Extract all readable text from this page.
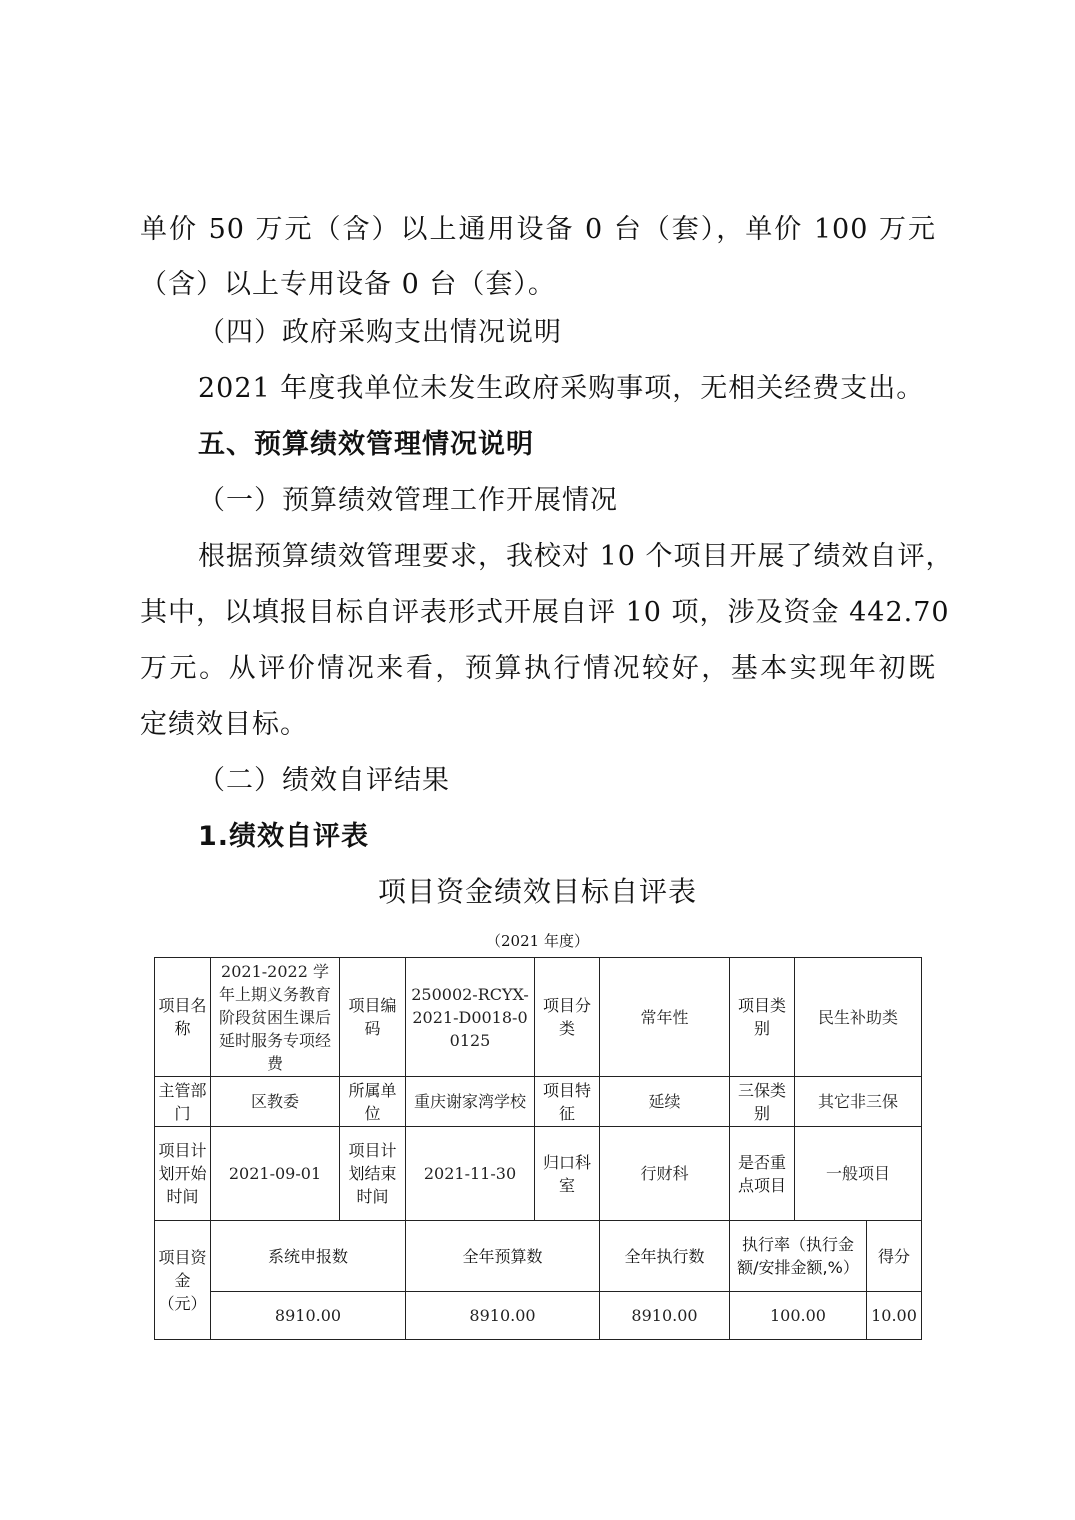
单价 50 万元（含）以上通用设备 0 台（套），单价 100 万元
（含）以上专用设备 0 台（套）。
（四）政府采购支出情况说明
2021 年度我单位未发生政府采购事项，无相关经费支出。
五、预算绩效管理情况说明
（一）预算绩效管理工作开展情况
根据预算绩效管理要求，我校对 10 个项目开展了绩效自评，
其中，以填报目标自评表形式开展自评 10 项，涉及资金 442.70
万元。从评价情况来看，预算执行情况较好，基本实现年初既
定绩效目标。
（二）绩效自评结果
1.绩效自评表
项目资金绩效目标自评表
（2021 年度）
项目名称	2021-2022 学年上期义务教育阶段贫困生课后延时服务专项经费	项目编码	250002-RCYX-2021-D0018-00125	项目分类	常年性	项目类别	民生补助类	
主管部门	区教委	所属单位	重庆谢家湾学校	项目特征	延续	三保类别	其它非三保	
项目计划开始时间	2021-09-01	项目计划结束时间	2021-11-30	归口科室	行财科	是否重点项目	一般项目	
项目资金（元）	系统申报数		全年预算数		全年执行数	执行率（执行金额/安排金额,%）		得分
	8910.00		8910.00		8910.00	100.00		10.00
